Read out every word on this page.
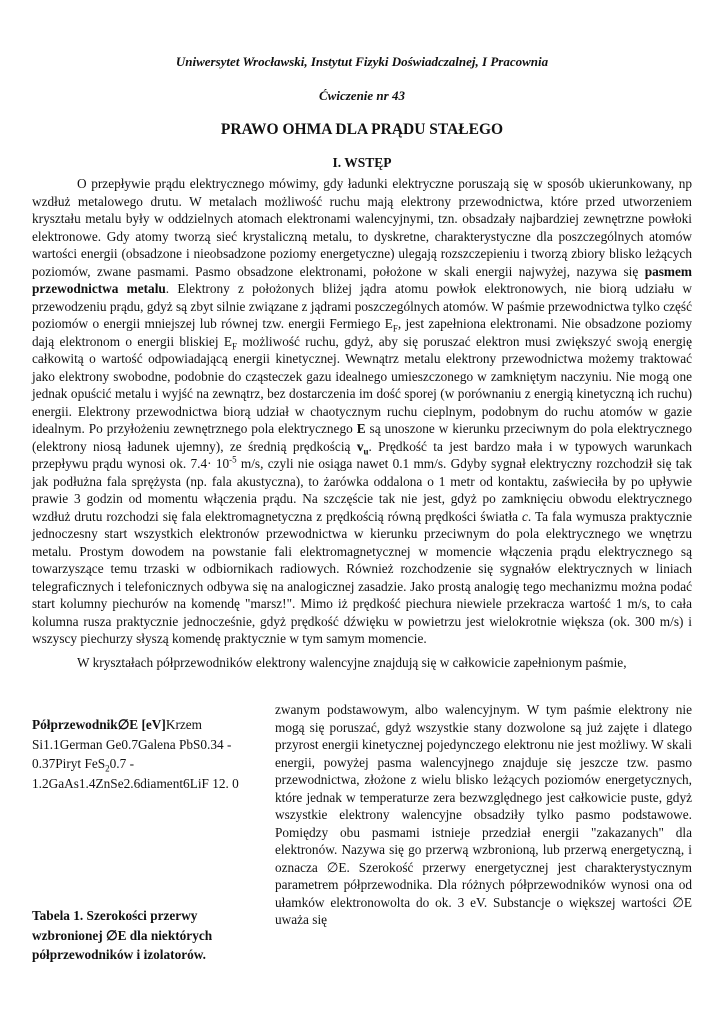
Uniwersytet Wrocławski, Instytut Fizyki Doświadczalnej, I Pracownia
Ćwiczenie nr 43
PRAWO OHMA DLA PRĄDU STAŁEGO
I. WSTĘP

O przepływie prądu elektrycznego mówimy, gdy ładunki elektryczne poruszają się w sposób ukierunkowany, np wzdłuż metalowego drutu. W metalach możliwość ruchu mają elektrony przewodnictwa, które przed utworzeniem kryształu metalu były w oddzielnych atomach elektronami walencyjnymi, tzn. obsadzały najbardziej zewnętrzne powłoki elektronowe. Gdy atomy tworzą sieć krystaliczną metalu, to dyskretne, charakterystyczne dla poszczególnych atomów wartości energii (obsadzone i nieobsadzone poziomy energetyczne) ulegają rozszczepieniu i tworzą zbiory blisko leżących poziomów, zwane pasmami. Pasmo obsadzone elektronami, położone w skali energii najwyżej, nazywa się pasmem przewodnictwa metalu. Elektrony z położonych bliżej jądra atomu powłok elektronowych, nie biorą udziału w przewodzeniu prądu, gdyż są zbyt silnie związane z jądrami poszczególnych atomów. W paśmie przewodnictwa tylko część poziomów o energii mniejszej lub równej tzw. energii Fermiego $E_F$, jest zapełniona elektronami. Nie obsadzone poziomy dają elektronom o energii bliskiej $E_F$ możliwość ruchu, gdyż, aby się poruszać elektron musi zwiększyć swoją energię całkowitą o wartość odpowiadającą energii kinetycznej. Wewnątrz metalu elektrony przewodnictwa możemy traktować jako elektrony swobodne, podobnie do cząsteczek gazu idealnego umieszczonego w zamkniętym naczyniu. Nie mogą one jednak opuścić metalu i wyjść na zewnątrz, bez dostarczenia im dość sporej (w porównaniu z energią kinetyczną ich ruchu) energii. Elektrony przewodnictwa biorą udział w chaotycznym ruchu cieplnym, podobnym do ruchu atomów w gazie idealnym. Po przyłożeniu zewnętrznego pola elektrycznego E są unoszone w kierunku przeciwnym do pola elektrycznego (elektrony niosą ładunek ujemny), ze średnią prędkością $v_u$. Prędkość ta jest bardzo mała i w typowych warunkach przepływu prądu wynosi ok. $7.4\cdot 10^{-5}$ m/s, czyli nie osiąga nawet 0.1 mm/s. Gdyby sygnał elektryczny rozchodził się tak jak podłużna fala sprężysta (np. fala akustyczna), to żarówka oddalona o 1 metr od kontaktu, zaświeciła by po upływie prawie 3 godzin od momentu włączenia prądu. Na szczęście tak nie jest, gdyż po zamknięciu obwodu elektrycznego wzdłuż drutu rozchodzi się fala elektromagnetyczna z prędkością równą prędkości światła c. Ta fala wymusza praktycznie jednoczesny start wszystkich elektronów przewodnictwa w kierunku przeciwnym do pola elektrycznego we wnętrzu metalu. Prostym dowodem na powstanie fali elektromagnetycznej w momencie włączenia prądu elektrycznego są towarzyszące temu trzaski w odbiornikach radiowych. Również rozchodzenie się sygnałów elektrycznych w liniach telegraficznych i telefonicznych odbywa się na analogicznej zasadzie. Jako prostą analogię tego mechanizmu można podać start kolumny piechurów na komendę "marsz!". Mimo iż prędkość piechura niewiele przekracza wartość 1 m/s, to cała kolumna rusza praktycznie jednocześnie, gdyż prędkość dźwięku w powietrzu jest wielokrotnie większa (ok. 300 m/s) i wszyscy piechurzy słyszą komendę praktycznie w tym samym momencie.

W kryształach półprzewodników elektrony walencyjne znajdują się w całkowicie zapełnionym paśmie,

zwanym podstawowym, albo walencyjnym. W tym paśmie elektrony nie mogą się poruszać, gdyż wszystkie stany dozwolone są już zajęte i dlatego przyrost energii kinetycznej pojedynczego elektronu nie jest możliwy. W skali energii, powyżej pasma walencyjnego znajduje się jeszcze tzw. pasmo przewodnictwa, złożone z wielu blisko leżących poziomów energetycznych, które jednak w temperaturze zera bezwzględnego jest całkowicie puste, gdyż wszystkie elektrony walencyjne obsadziły tylko pasmo podstawowe. Pomiędzy obu pasmami istnieje przedział energii "zakazanych" dla elektronów. Nazywa się go przerwą wzbronioną, lub przerwą energetyczną, i oznacza ∅E. Szerokość przerwy energetycznej jest charakterystycznym parametrem półprzewodnika. Dla różnych półprzewodników wynosi ona od ułamków elektronowolta do ok. 3 eV. Substancje o większej wartości ∅E uważa się
Półprzewodnik∅E [eV]Krzem Si1.1German Ge0.7Galena PbS0.34 - 0.37Piryt FeS$_2$0.7 - 1.2GaAs1.4ZnSe2.6diament6LiF 12. 0
Tabela 1. Szerokości przerwy wzbronionej ∅E dla niektórych półprzewodników i izolatorów.
